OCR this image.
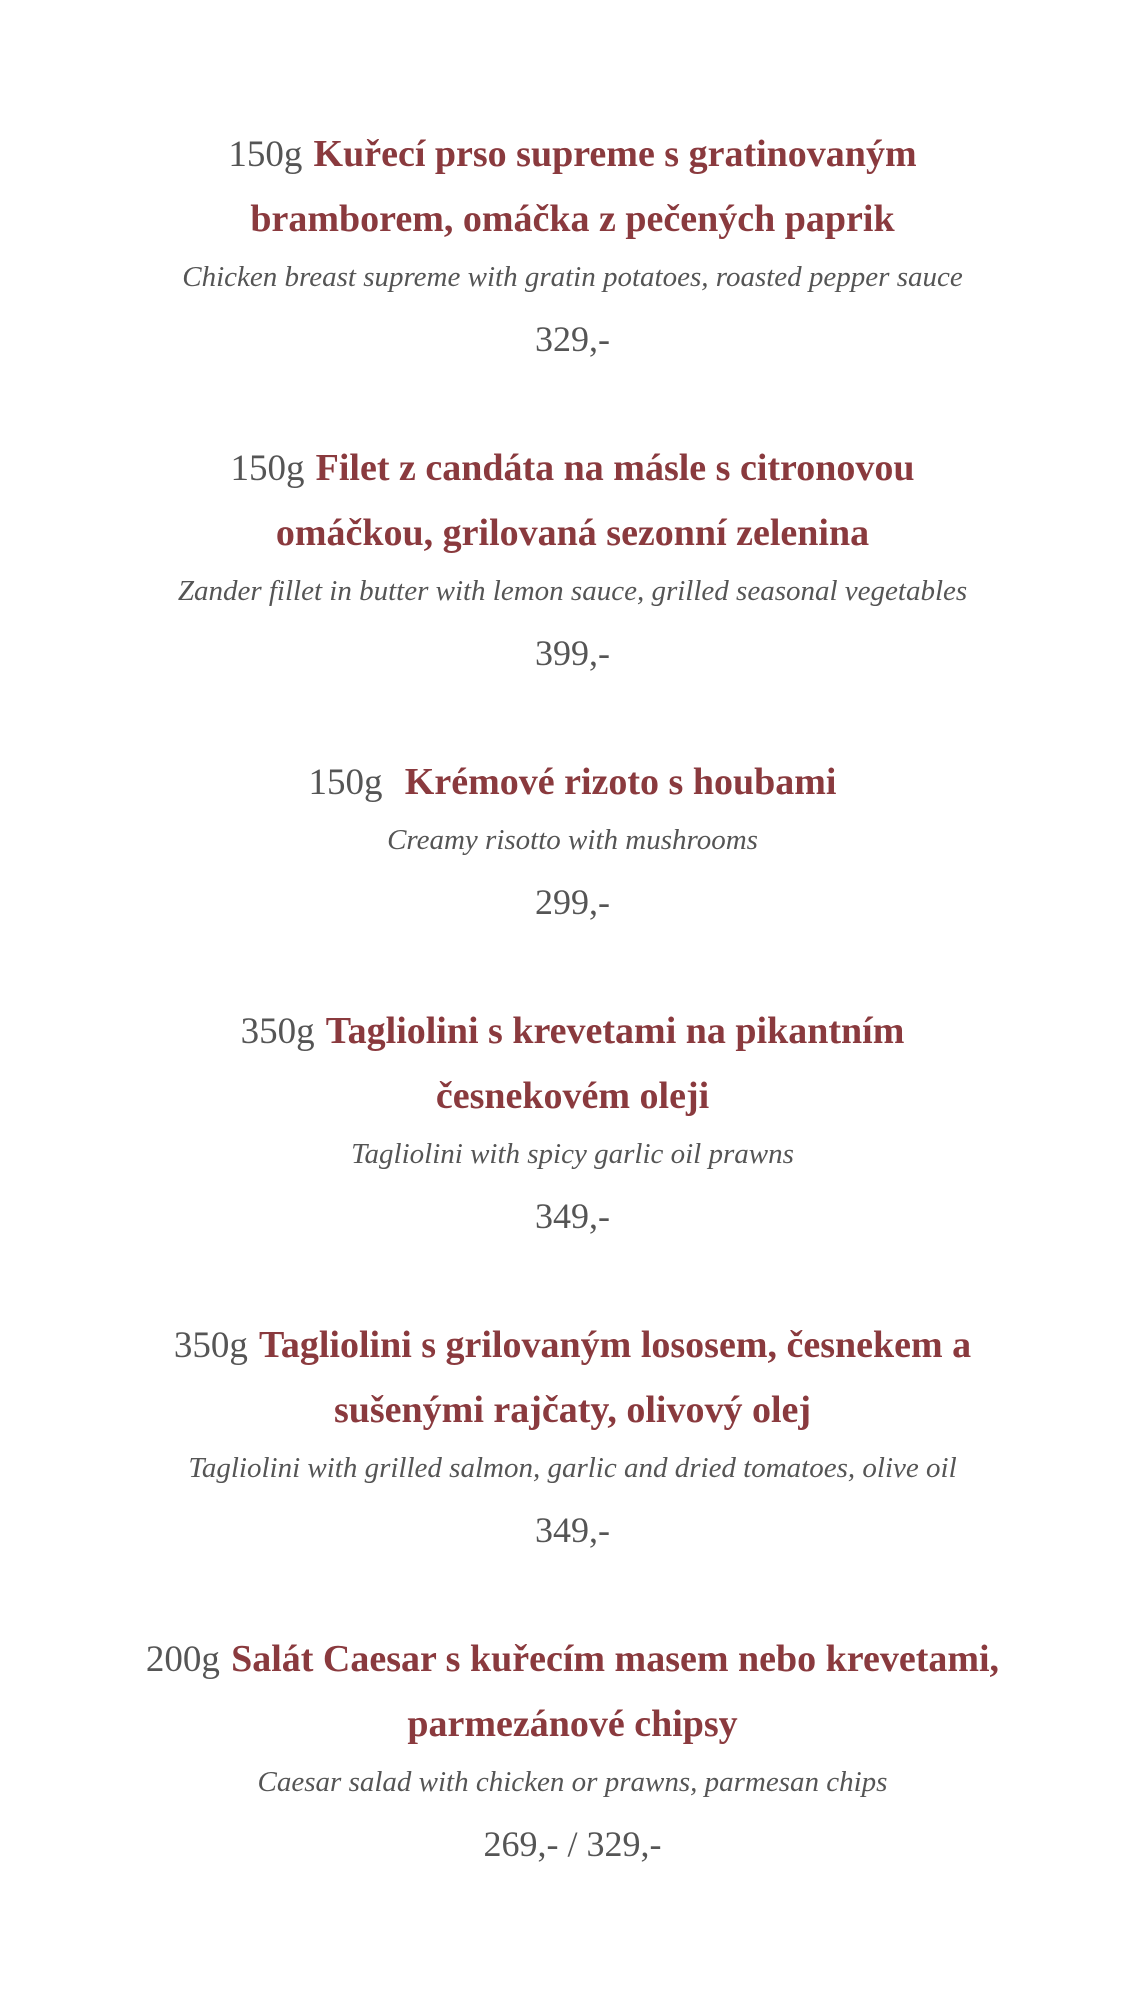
150g Kuřecí prso supreme s gratinovaným
bramborem, omáčka z pečených paprik

Chicken breast supreme with gratin potatoes, roasted pepper sauce

329,-

150g Filet z candáta na másle s citronovou
omáčkou, grilovaná sezonní zelenina

Zander fillet in butter with lemon sauce, grilled seasonal vegetables

399,-

150g Krémové rizoto s houbami

Creamy risotto with mushrooms

299,-

350g Tagliolini s krevetami na pikantním
česnekovém oleji

Tagliolini with spicy garlic oil prawns

349,-

350g Tagliolini s grilovaným lososem, česnekem a
sušenými rajčaty, olivový olej

Tagliolini with grilled salmon, garlic and dried tomatoes, olive oil

349,-

200g Salát Caesar s kuřecím masem nebo krevetami,
parmezánové chipsy

Caesar salad with chicken or prawns, parmesan chips

269,- / 329,-
